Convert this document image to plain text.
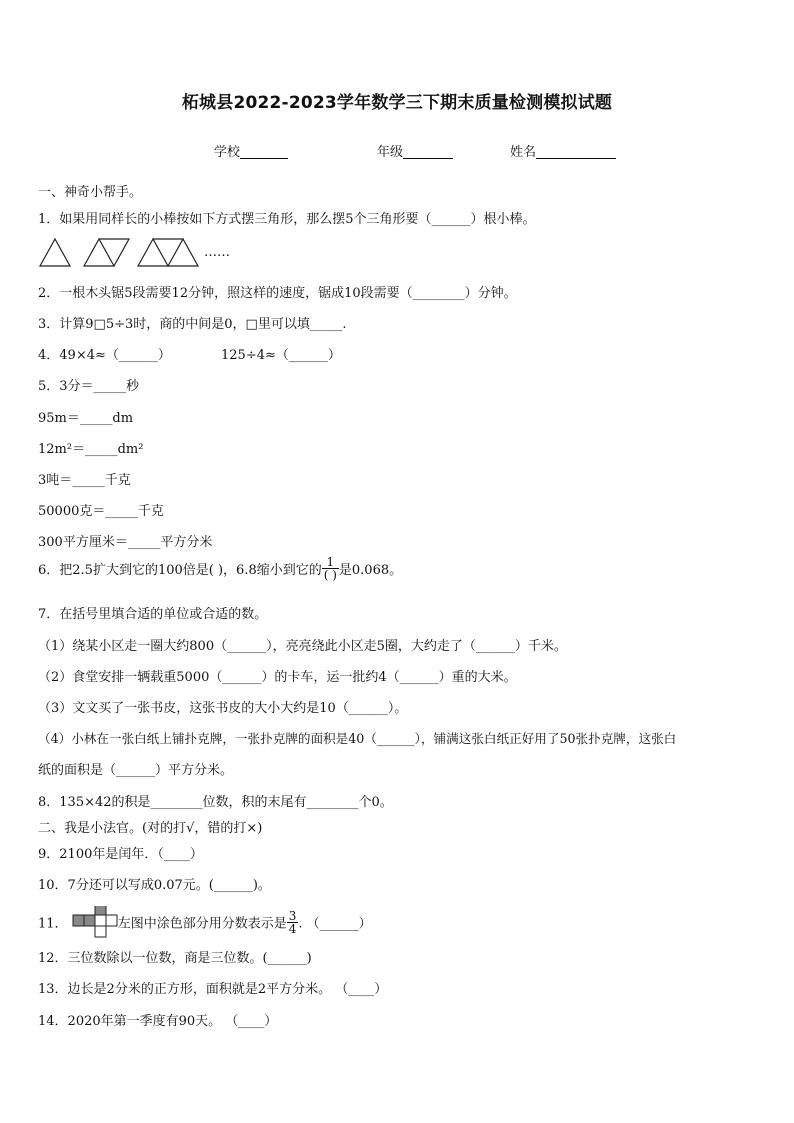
柘城县2022-2023学年数学三下期末质量检测模拟试题
学校	年级	姓名
一、神奇小帮手。
1．如果用同样长的小棒按如下方式摆三角形，那么摆5个三角形要（______）根小棒。
……
2．一根木头锯5段需要12分钟，照这样的速度，锯成10段需要（________）分钟。
3．计算9□5÷3时，商的中间是0，□里可以填_____.
4．49×4≈（______）	125÷4≈（______）
5．3分＝_____秒
95m＝_____dm
12m²＝_____dm²
3吨＝_____千克
50000克＝_____千克
300平方厘米＝_____平方分米
6．把2.5扩大到它的100倍是( )，6.8缩小到它的 $\frac{1}{( )}$ 是0.068。
7．在括号里填合适的单位或合适的数。
（1）绕某小区走一圈大约800（______），亮亮绕此小区走5圈，大约走了（______）千米。
（2）食堂安排一辆载重5000（______）的卡车，运一批约4（______）重的大米。
（3）文文买了一张书皮，这张书皮的大小大约是10（______）。
（4）小林在一张白纸上铺扑克牌，一张扑克牌的面积是40（______），铺满这张白纸正好用了50张扑克牌，这张白
纸的面积是（______）平方分米。
8．135×42的积是________位数，积的末尾有________个0。
二、我是小法官。(对的打√，错的打×)
9．2100年是闰年．（____）
10．7分还可以写成0.07元。(______)。
11．	左图中涂色部分用分数表示是 $\frac{3}{4}$ . （______）
12．三位数除以一位数，商是三位数。(______)
13．边长是2分米的正方形，面积就是2平方分米。 （____）
14．2020年第一季度有90天。 （____）
